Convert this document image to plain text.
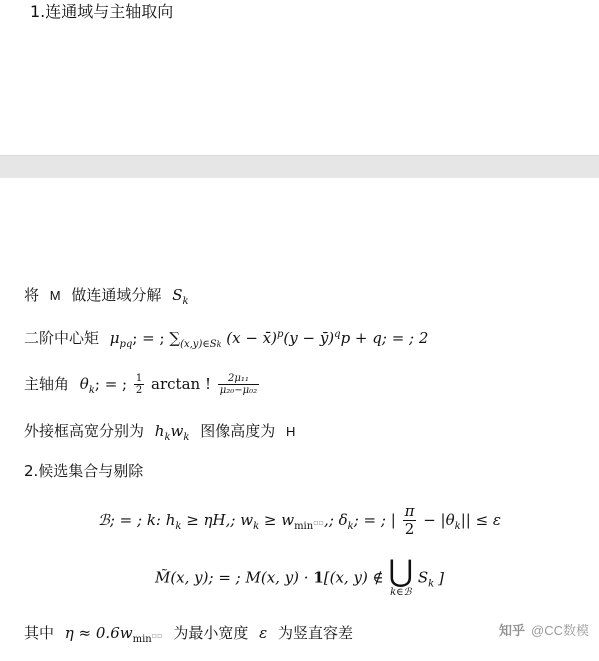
1.连通域与主轴取向
将 M 做连通域分解 $S_k$
二阶中心矩 $\mu_{pq}$; = ; $\sum_{(x,y)\in Sk}$ (x − x̄)$^p$(y − ȳ)$^q$p + q; = ; 2
主轴角 $\theta_k$; = ; $\frac{1}{2}$ arctan ! $\frac{\text{2μ₁₁}}{\text{μ₂₀−μ₀₂}}$
外接框高宽分别为 $h_kw_k$ 图像高度为 H
2.候选集合与剔除
ℬ; = ; k: $h_k \ge \eta H$,; $w_k$ ≥ $w_{min}▫▫$,; $\delta_k$; = ; | $\frac{\pi}{2} - |\theta_k|| \le \varepsilon$
M̃(x, y); = ; M(x, y) · 1[(x, y) ∉ ⋃
k∈ℬ $S_k$ ]
其中 $\eta \approx 0.6w_{min}▫▫$ 为最小宽度 ε 为竖直容差	知乎 @CC数模
